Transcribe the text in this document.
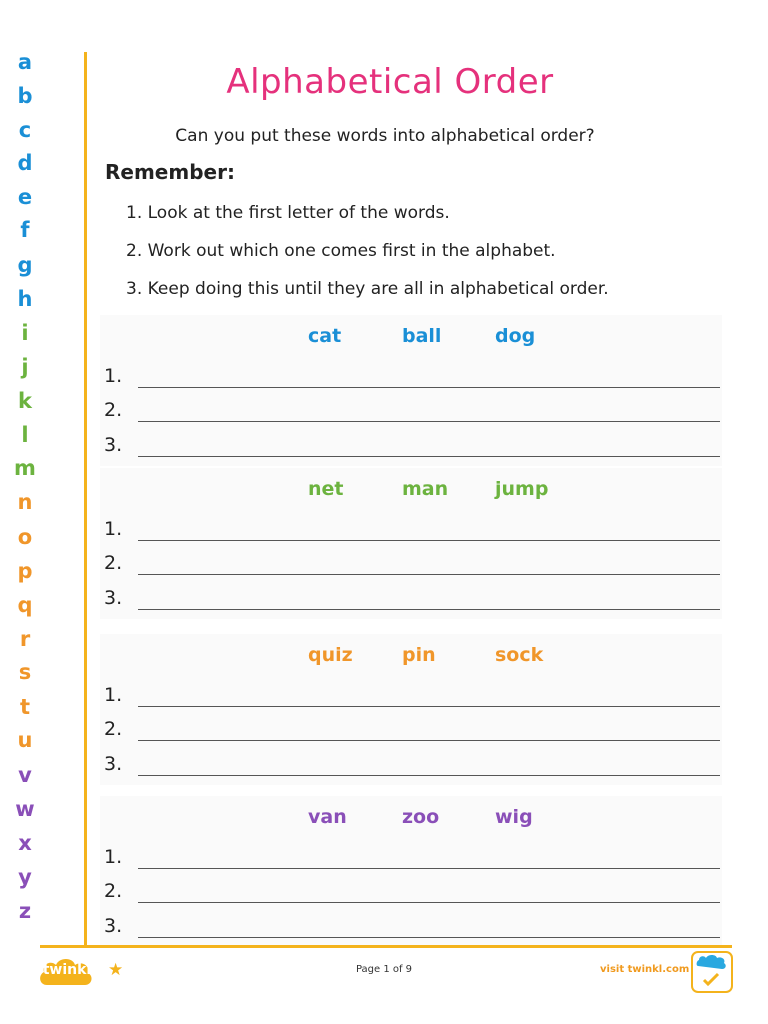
a
b
c
d
e
f
g
h
i
j
k
l
m
n
o
p
q
r
s
t
u
v
w
x
y
z
Alphabetical Order
Can you put these words into alphabetical order?
Remember:
1. Look at the first letter of the words.
2. Work out which one comes first in the alphabet.
3. Keep doing this until they are all in alphabetical order.
cat	ball	dog
1.
2.
3.
net	man jump
1.
2.
3.
quiz	pin	sock
1.
2.
3.
van	zoo	wig
1.
2.
3.
twinkl ★	Page 1 of 9	visit twinkl.com
